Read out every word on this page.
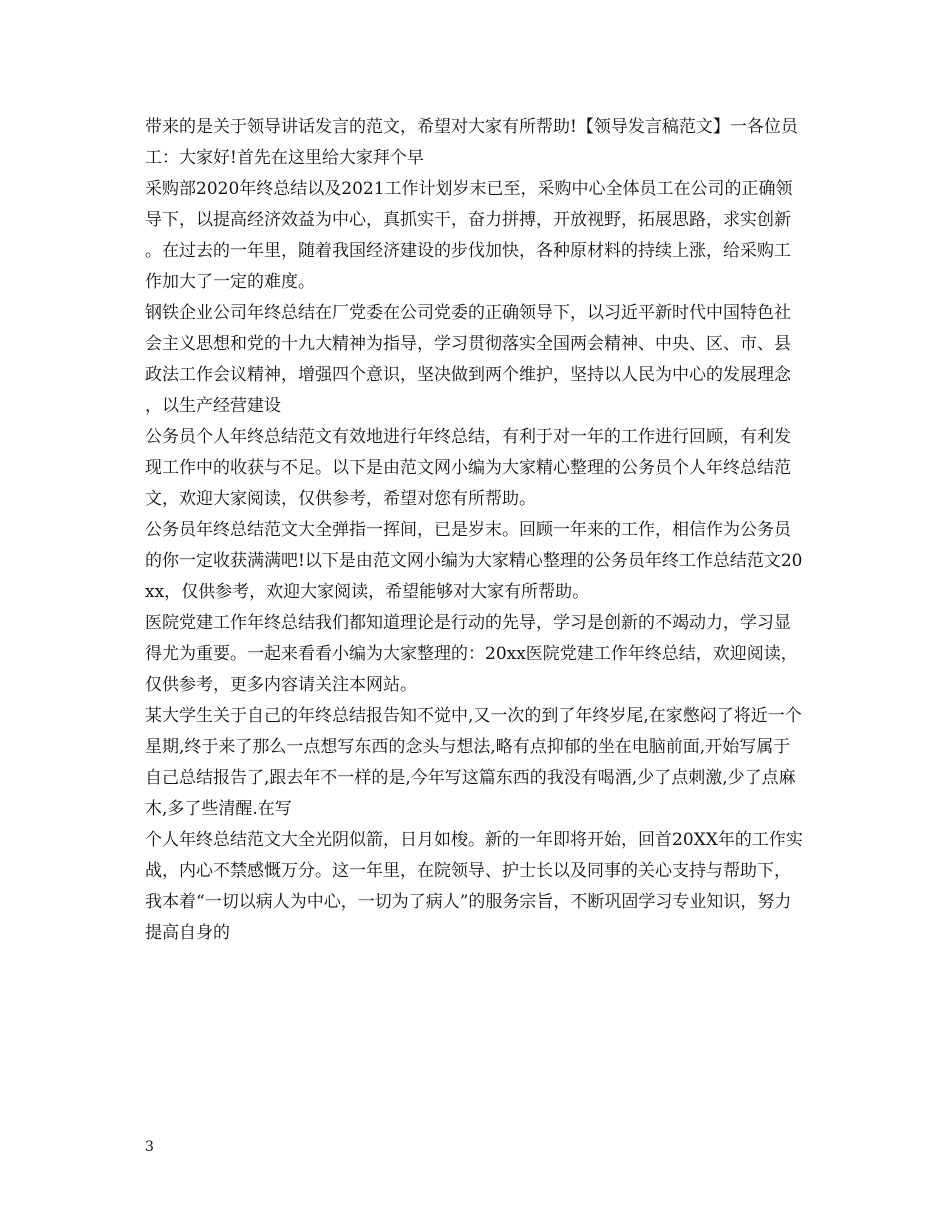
带来的是关于领导讲话发言的范文，希望对大家有所帮助!【领导发言稿范文】一各位员工：大家好!首先在这里给大家拜个早

采购部2020年终总结以及2021工作计划岁末已至，采购中心全体员工在公司的正确领导下，以提高经济效益为中心，真抓实干，奋力拼搏，开放视野，拓展思路，求实创新。在过去的一年里，随着我国经济建设的步伐加快，各种原材料的持续上涨，给采购工作加大了一定的难度。

钢铁企业公司年终总结在厂党委在公司党委的正确领导下，以习近平新时代中国特色社会主义思想和党的十九大精神为指导，学习贯彻落实全国两会精神、中央、区、市、县政法工作会议精神，增强四个意识，坚决做到两个维护，坚持以人民为中心的发展理念，以生产经营建设

公务员个人年终总结范文有效地进行年终总结，有利于对一年的工作进行回顾，有利发现工作中的收获与不足。以下是由范文网小编为大家精心整理的公务员个人年终总结范文，欢迎大家阅读，仅供参考，希望对您有所帮助。

公务员年终总结范文大全弹指一挥间，已是岁末。回顾一年来的工作，相信作为公务员的你一定收获满满吧!以下是由范文网小编为大家精心整理的公务员年终工作总结范文20xx，仅供参考，欢迎大家阅读，希望能够对大家有所帮助。

医院党建工作年终总结我们都知道理论是行动的先导，学习是创新的不竭动力，学习显得尤为重要。一起来看看小编为大家整理的：20xx医院党建工作年终总结，欢迎阅读，仅供参考，更多内容请关注本网站。

某大学生关于自己的年终总结报告知不觉中,又一次的到了年终岁尾,在家憋闷了将近一个星期,终于来了那么一点想写东西的念头与想法,略有点抑郁的坐在电脑前面,开始写属于自己总结报告了,跟去年不一样的是,今年写这篇东西的我没有喝酒,少了点刺激,少了点麻木,多了些清醒.在写

个人年终总结范文大全光阴似箭，日月如梭。新的一年即将开始，回首20XX年的工作实战，内心不禁感慨万分。这一年里，在院领导、护士长以及同事的关心支持与帮助下，我本着“一切以病人为中心，一切为了病人”的服务宗旨，不断巩固学习专业知识，努力提高自身的

3
